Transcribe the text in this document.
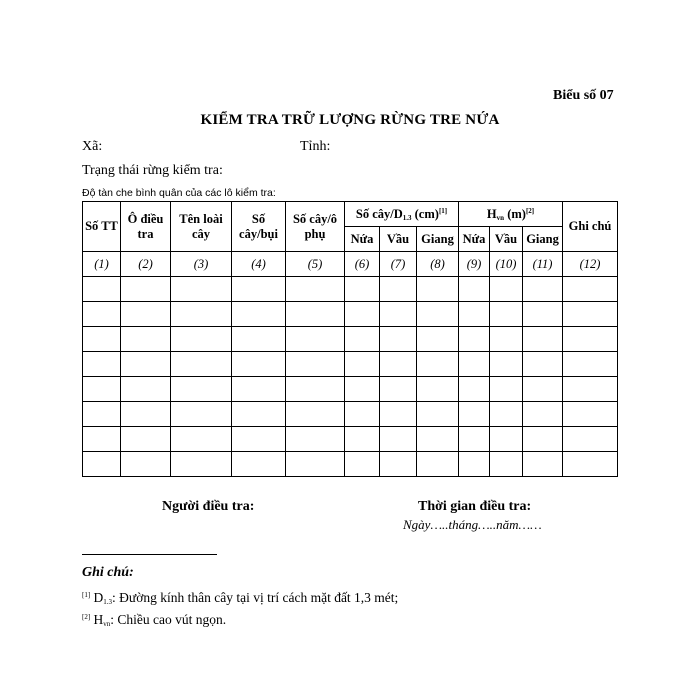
Biểu số 07
KIỂM TRA TRỮ LƯỢNG RỪNG TRE NỨA
Xã:	Tỉnh:
Trạng thái rừng kiểm tra:
Độ tàn che bình quân của các lô kiểm tra:
Số TT	Ô điều tra	Tên loài cây	Số cây/bụi	Số cây/ô phụ	Số cây/$D_{1.3}$ (cm)[1]			$H_{vn}$ (m)[2]			Ghi chú
					Nứa	Vầu	Giang	Nứa	Vầu	Giang	
(1)	(2)	(3)	(4)	(5)	(6)	(7)	(8)	(9)	(10)	(11)	(12)

Người điều tra:	Thời gian điều tra:
Ngày…..tháng…..năm……
Ghi chú:
[1] $D_{1.3}$: Đường kính thân cây tại vị trí cách mặt đất 1,3 mét;
[2] $H_{vn}$: Chiều cao vút ngọn.
